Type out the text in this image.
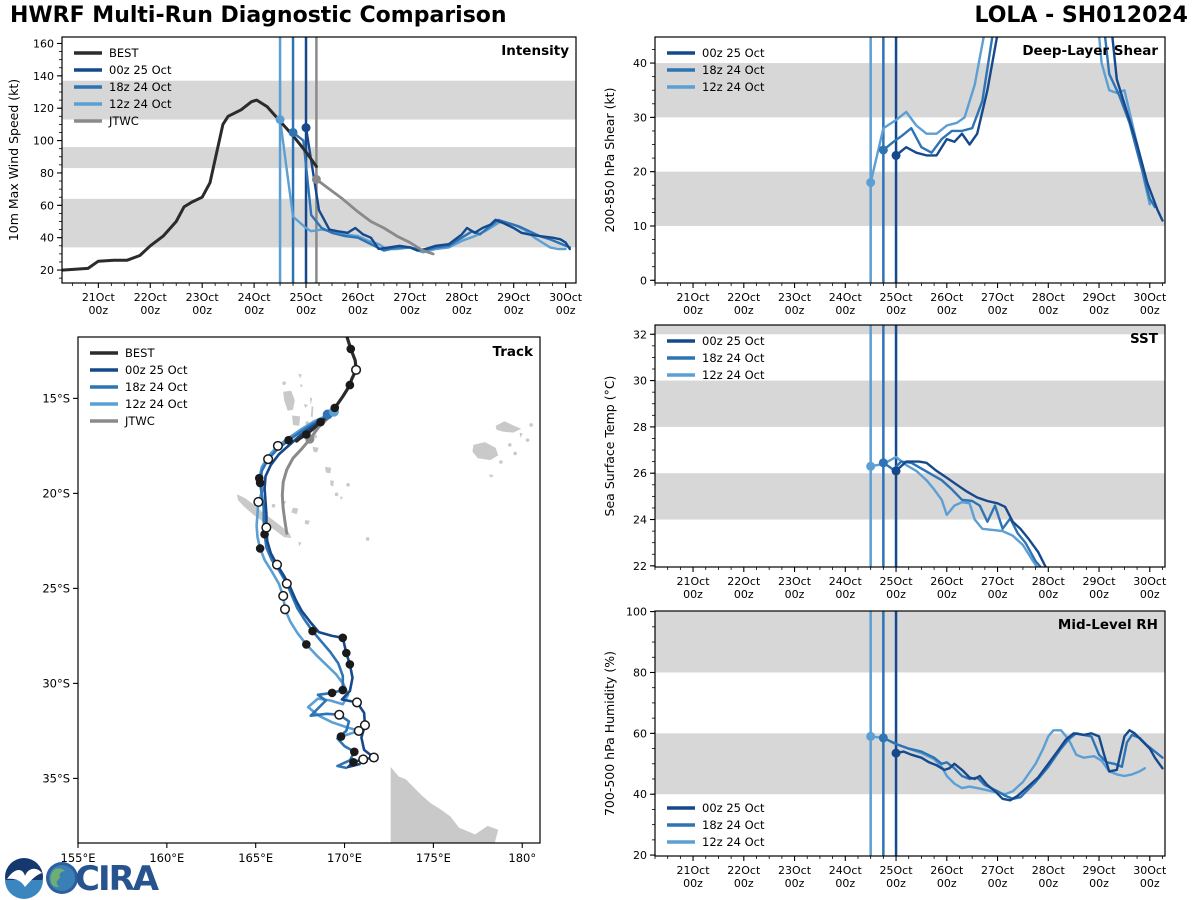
HWRF Multi-Run Diagnostic Comparison	LOLA - SH012024
21Oct
00z
22Oct
00z
23Oct
00z
24Oct
00z
25Oct
00z
26Oct
00z
27Oct
00z
28Oct
00z
29Oct
00z
30Oct
00z
20
40
60
80
100
120
140
160
10m Max Wind Speed (kt)
Intensity
BEST
00z 25 Oct
18z 24 Oct
12z 24 Oct
JTWC
21Oct
00z
22Oct
00z
23Oct
00z
24Oct
00z
25Oct
00z
26Oct
00z
27Oct
00z
28Oct
00z
29Oct
00z
30Oct
00z
0
10
20
30
40
200-850 hPa Shear (kt)
Deep-Layer Shear
00z 25 Oct
18z 24 Oct
12z 24 Oct
21Oct
00z
22Oct
00z
23Oct
00z
24Oct
00z
25Oct
00z
26Oct
00z
27Oct
00z
28Oct
00z
29Oct
00z
30Oct
00z
22
24
26
28
30
32
Sea Surface Temp (°C)
SST
00z 25 Oct
18z 24 Oct
12z 24 Oct
21Oct
00z
22Oct
00z
23Oct
00z
24Oct
00z
25Oct
00z
26Oct
00z
27Oct
00z
28Oct
00z
29Oct
00z
30Oct
00z
20
40
60
80
100
700-500 hPa Humidity (%)
Mid-Level RH
00z 25 Oct
18z 24 Oct
12z 24 Oct
155°E	160°E	165°E	170°E	175°E	180°
15°S
20°S
25°S
30°S
35°S
Track
BEST
00z 25 Oct
18z 24 Oct
12z 24 Oct
JTWC
CIRA
